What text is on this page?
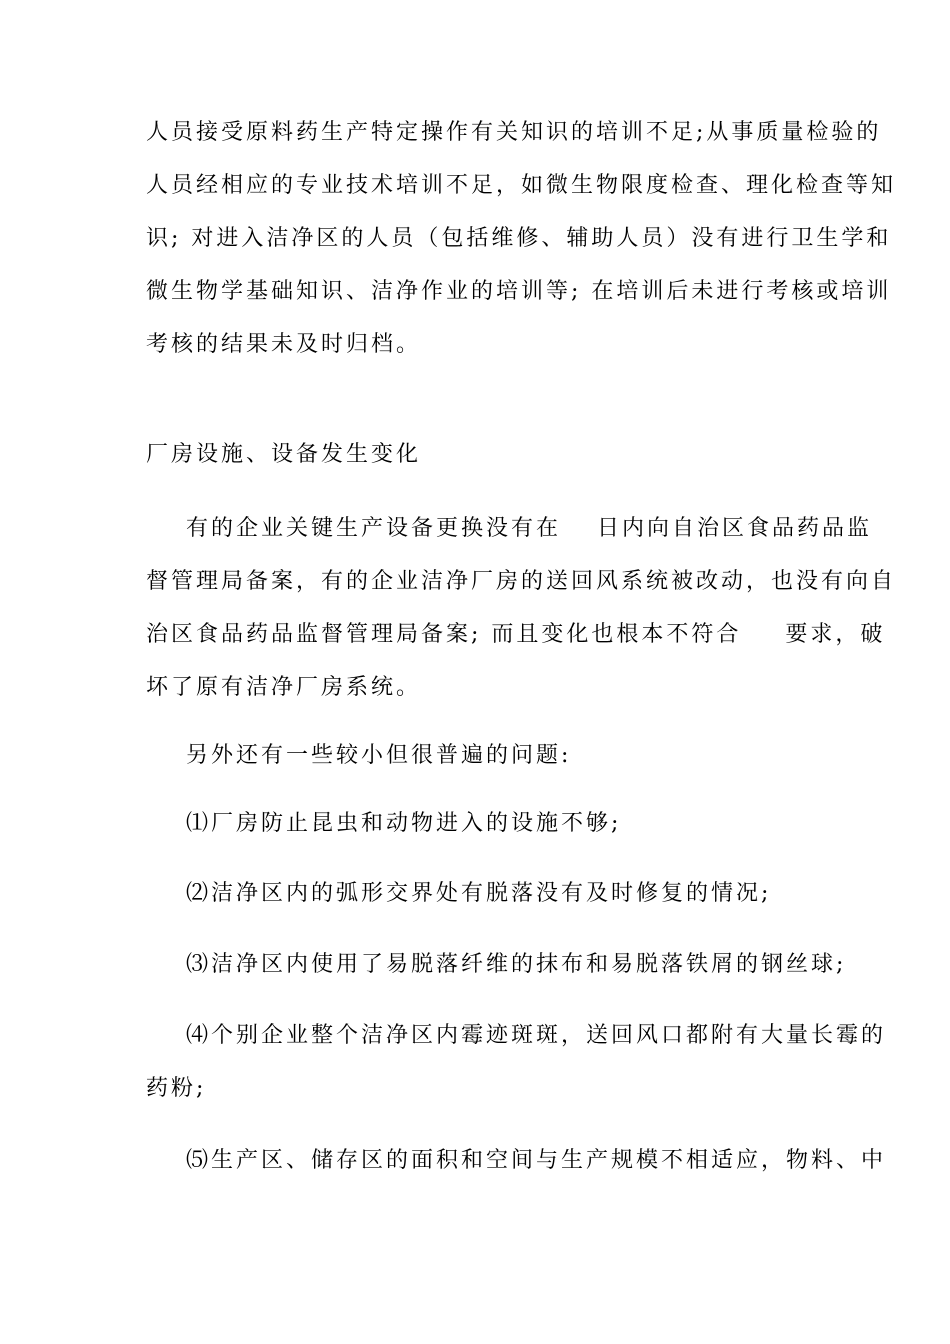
人员接受原料药生产特定操作有关知识的培训不足;从事质量检验的
人员经相应的专业技术培训不足，如微生物限度检查、理化检查等知
识; 对进入洁净区的人员（包括维修、辅助人员）没有进行卫生学和
微生物学基础知识、洁净作业的培训等; 在培训后未进行考核或培训
考核的结果未及时归档。
厂房设施、设备发生变化
有的企业关键生产设备更换没有在 日内向自治区食品药品监
督管理局备案，有的企业洁净厂房的送回风系统被改动，也没有向自
治区食品药品监督管理局备案; 而且变化也根本不符合 要求，破
坏了原有洁净厂房系统。
另外还有一些较小但很普遍的问题:
⑴厂房防止昆虫和动物进入的设施不够;
⑵洁净区内的弧形交界处有脱落没有及时修复的情况;
⑶洁净区内使用了易脱落纤维的抹布和易脱落铁屑的钢丝球;
⑷个别企业整个洁净区内霉迹斑斑，送回风口都附有大量长霉的
药粉;
⑸生产区、储存区的面积和空间与生产规模不相适应，物料、中
